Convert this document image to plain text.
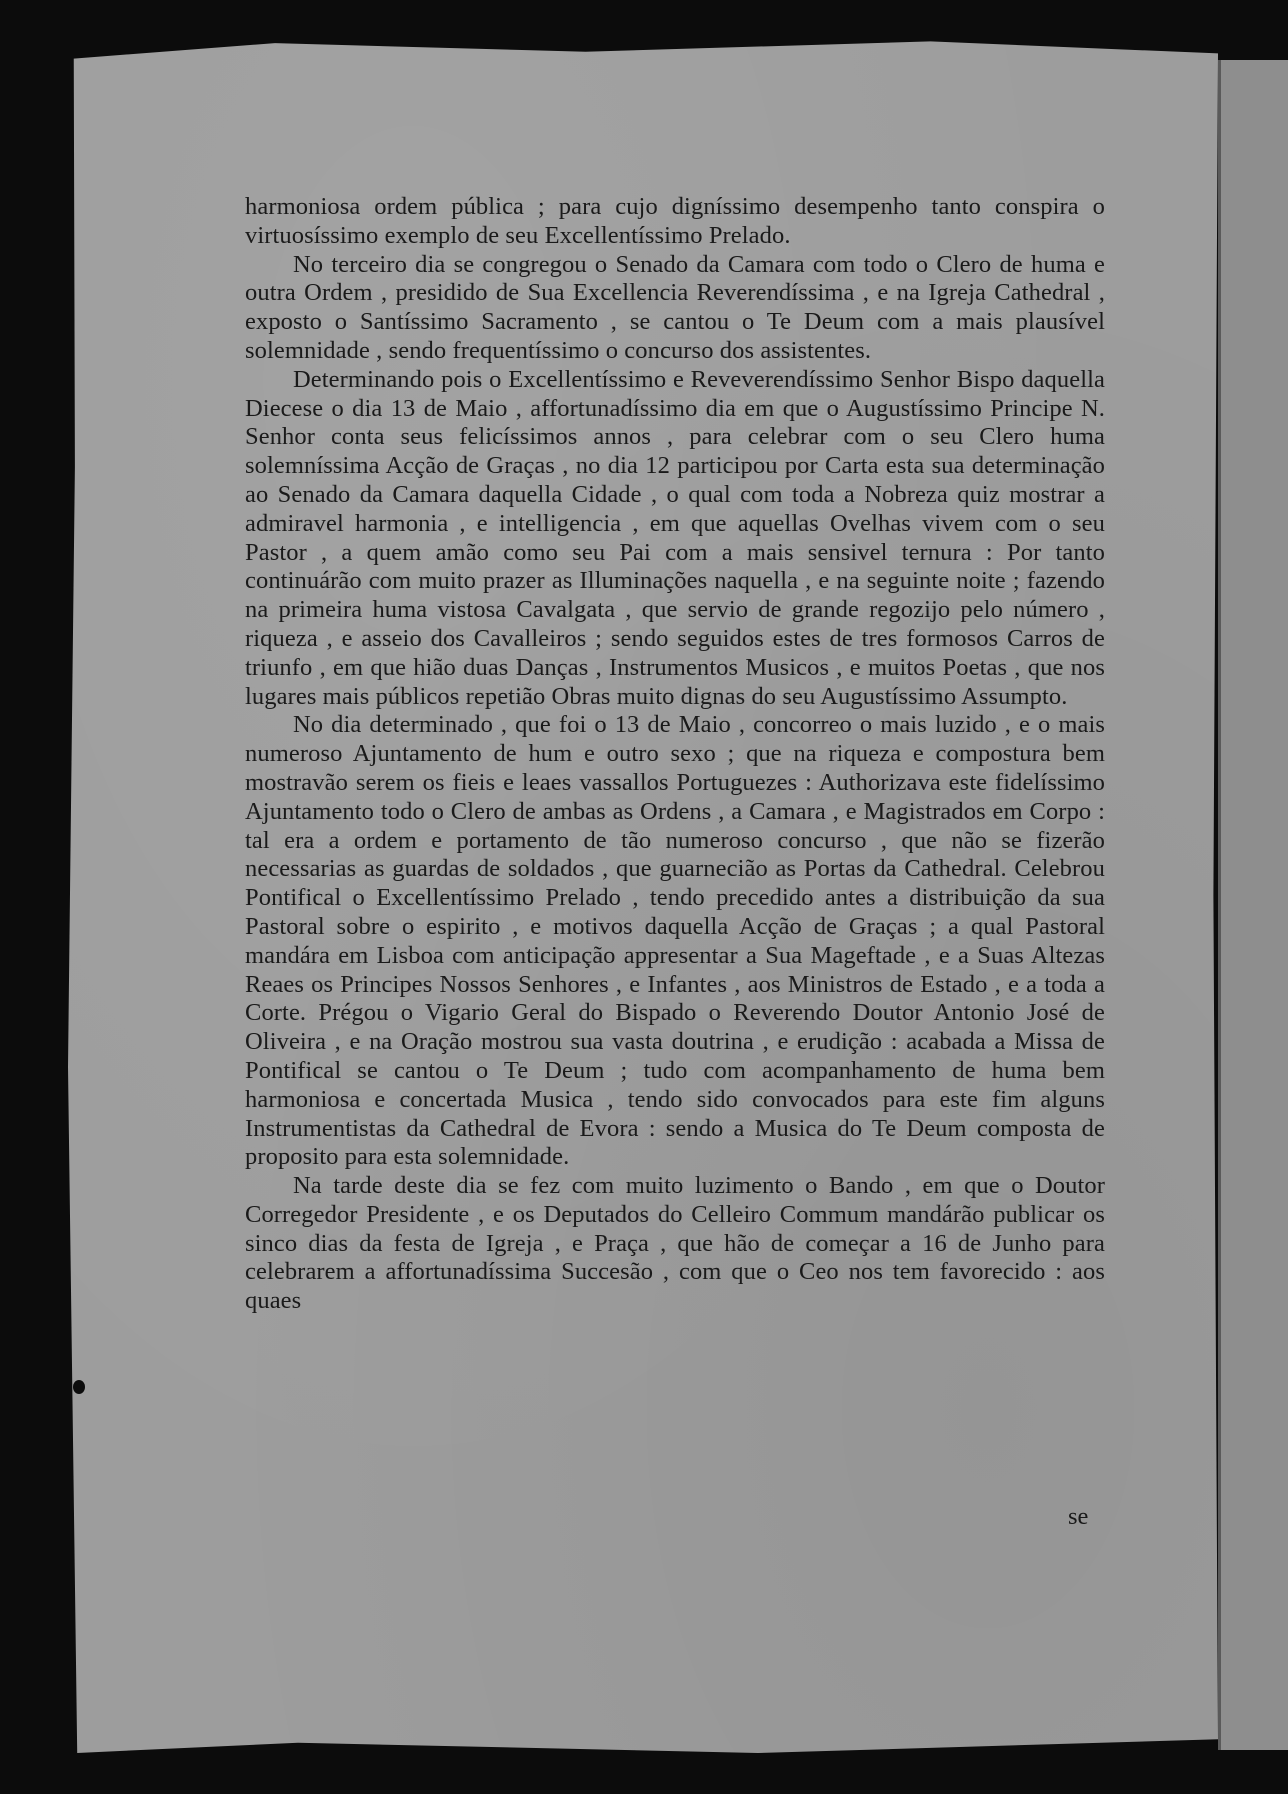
harmoniosa ordem pública ; para cujo digníssimo desempenho tanto conspira o virtuosíssimo exemplo de seu Excellentíssimo Prelado.

No terceiro dia se congregou o Senado da Camara com todo o Clero de huma e outra Ordem , presidido de Sua Excellencia Reverendíssima , e na Igreja Cathedral , exposto o Santíssimo Sacramento , se cantou o Te Deum com a mais plausível solemnidade , sendo frequentíssimo o concurso dos assistentes.

Determinando pois o Excellentíssimo e Reveverendíssimo Senhor Bispo daquella Diecese o dia 13 de Maio , affortunadíssimo dia em que o Augustíssimo Principe N. Senhor conta seus felicíssimos annos , para celebrar com o seu Clero huma solemníssima Acção de Graças , no dia 12 participou por Carta esta sua determinação ao Senado da Camara daquella Cidade , o qual com toda a Nobreza quiz mostrar a admiravel harmonia , e intelligencia , em que aquellas Ovelhas vivem com o seu Pastor , a quem amão como seu Pai com a mais sensivel ternura : Por tanto continuárão com muito prazer as Illuminações naquella , e na seguinte noite ; fazendo na primeira huma vistosa Cavalgata , que servio de grande regozijo pelo número , riqueza , e asseio dos Cavalleiros ; sendo seguidos estes de tres formosos Carros de triunfo , em que hião duas Danças , Instrumentos Musicos , e muitos Poetas , que nos lugares mais públicos repetião Obras muito dignas do seu Augustíssimo Assumpto.

No dia determinado , que foi o 13 de Maio , concorreo o mais luzido , e o mais numeroso Ajuntamento de hum e outro sexo ; que na riqueza e compostura bem mostravão serem os fieis e leaes vassallos Portuguezes : Authorizava este fidelíssimo Ajuntamento todo o Clero de ambas as Ordens , a Camara , e Magistrados em Corpo : tal era a ordem e portamento de tão numeroso concurso , que não se fizerão necessarias as guardas de soldados , que guarnecião as Portas da Cathedral. Celebrou Pontifical o Excellentíssimo Prelado , tendo precedido antes a distribuição da sua Pastoral sobre o espirito , e motivos daquella Acção de Graças ; a qual Pastoral mandára em Lisboa com anticipação appresentar a Sua Mageftade , e a Suas Altezas Reaes os Principes Nossos Senhores , e Infantes , aos Ministros de Estado , e a toda a Corte. Prégou o Vigario Geral do Bispado o Reverendo Doutor Antonio José de Oliveira , e na Oração mostrou sua vasta doutrina , e erudição : acabada a Missa de Pontifical se cantou o Te Deum ; tudo com acompanhamento de huma bem harmoniosa e concertada Musica , tendo sido convocados para este fim alguns Instrumentistas da Cathedral de Evora : sendo a Musica do Te Deum composta de proposito para esta solemnidade.

Na tarde deste dia se fez com muito luzimento o Bando , em que o Doutor Corregedor Presidente , e os Deputados do Celleiro Commum mandárão publicar os sinco dias da festa de Igreja , e Praça , que hão de começar a 16 de Junho para celebrarem a affortunadíssima Succesão , com que o Ceo nos tem favorecido : aos quaes

se
